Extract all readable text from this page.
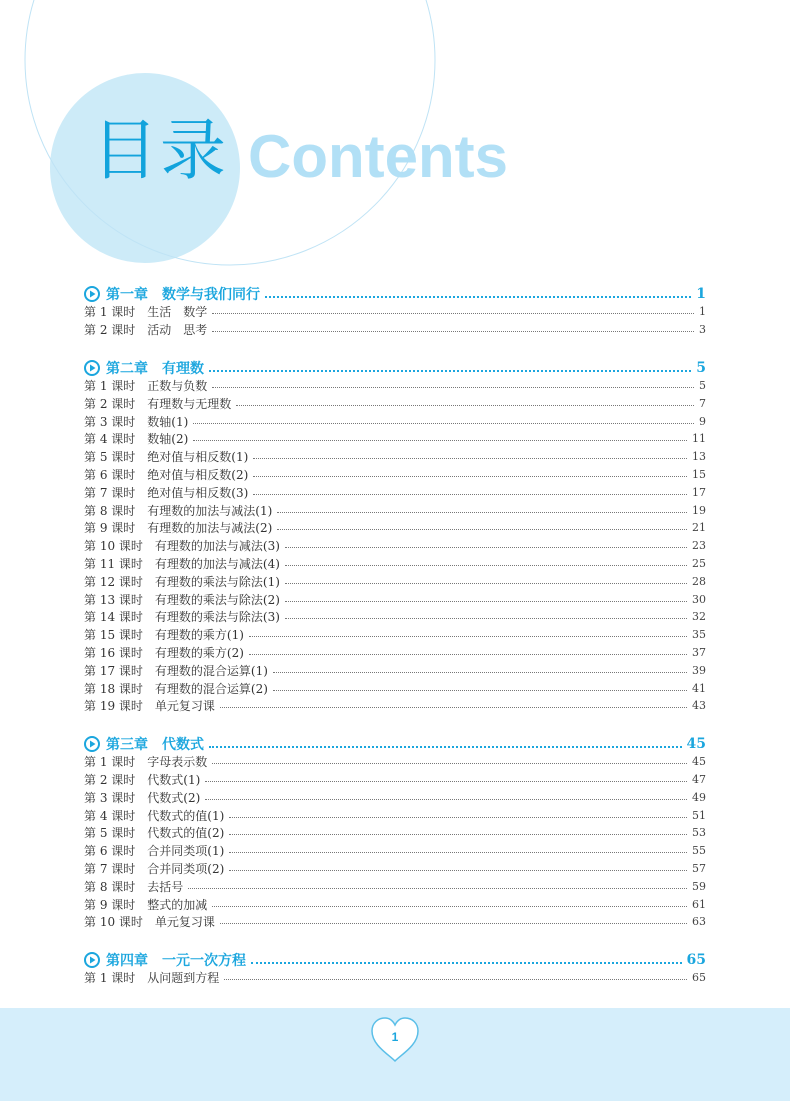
目录 Contents
第一章　数学与我们同行	1
第 1 课时 生活　数学	1
第 2 课时 活动　思考	3
第二章　有理数	5
第 1 课时 正数与负数	5
第 2 课时 有理数与无理数	7
第 3 课时 数轴(1)	9
第 4 课时 数轴(2)	11
第 5 课时 绝对值与相反数(1)	13
第 6 课时 绝对值与相反数(2)	15
第 7 课时 绝对值与相反数(3)	17
第 8 课时 有理数的加法与减法(1)	19
第 9 课时 有理数的加法与减法(2)	21
第 10 课时 有理数的加法与减法(3)	23
第 11 课时 有理数的加法与减法(4)	25
第 12 课时 有理数的乘法与除法(1)	28
第 13 课时 有理数的乘法与除法(2)	30
第 14 课时 有理数的乘法与除法(3)	32
第 15 课时 有理数的乘方(1)	35
第 16 课时 有理数的乘方(2)	37
第 17 课时 有理数的混合运算(1)	39
第 18 课时 有理数的混合运算(2)	41
第 19 课时 单元复习课	43
第三章　代数式	45
第 1 课时 字母表示数	45
第 2 课时 代数式(1)	47
第 3 课时 代数式(2)	49
第 4 课时 代数式的值(1)	51
第 5 课时 代数式的值(2)	53
第 6 课时 合并同类项(1)	55
第 7 课时 合并同类项(2)	57
第 8 课时 去括号	59
第 9 课时 整式的加减	61
第 10 课时 单元复习课	63
第四章　一元一次方程	65
第 1 课时 从问题到方程	65
1
